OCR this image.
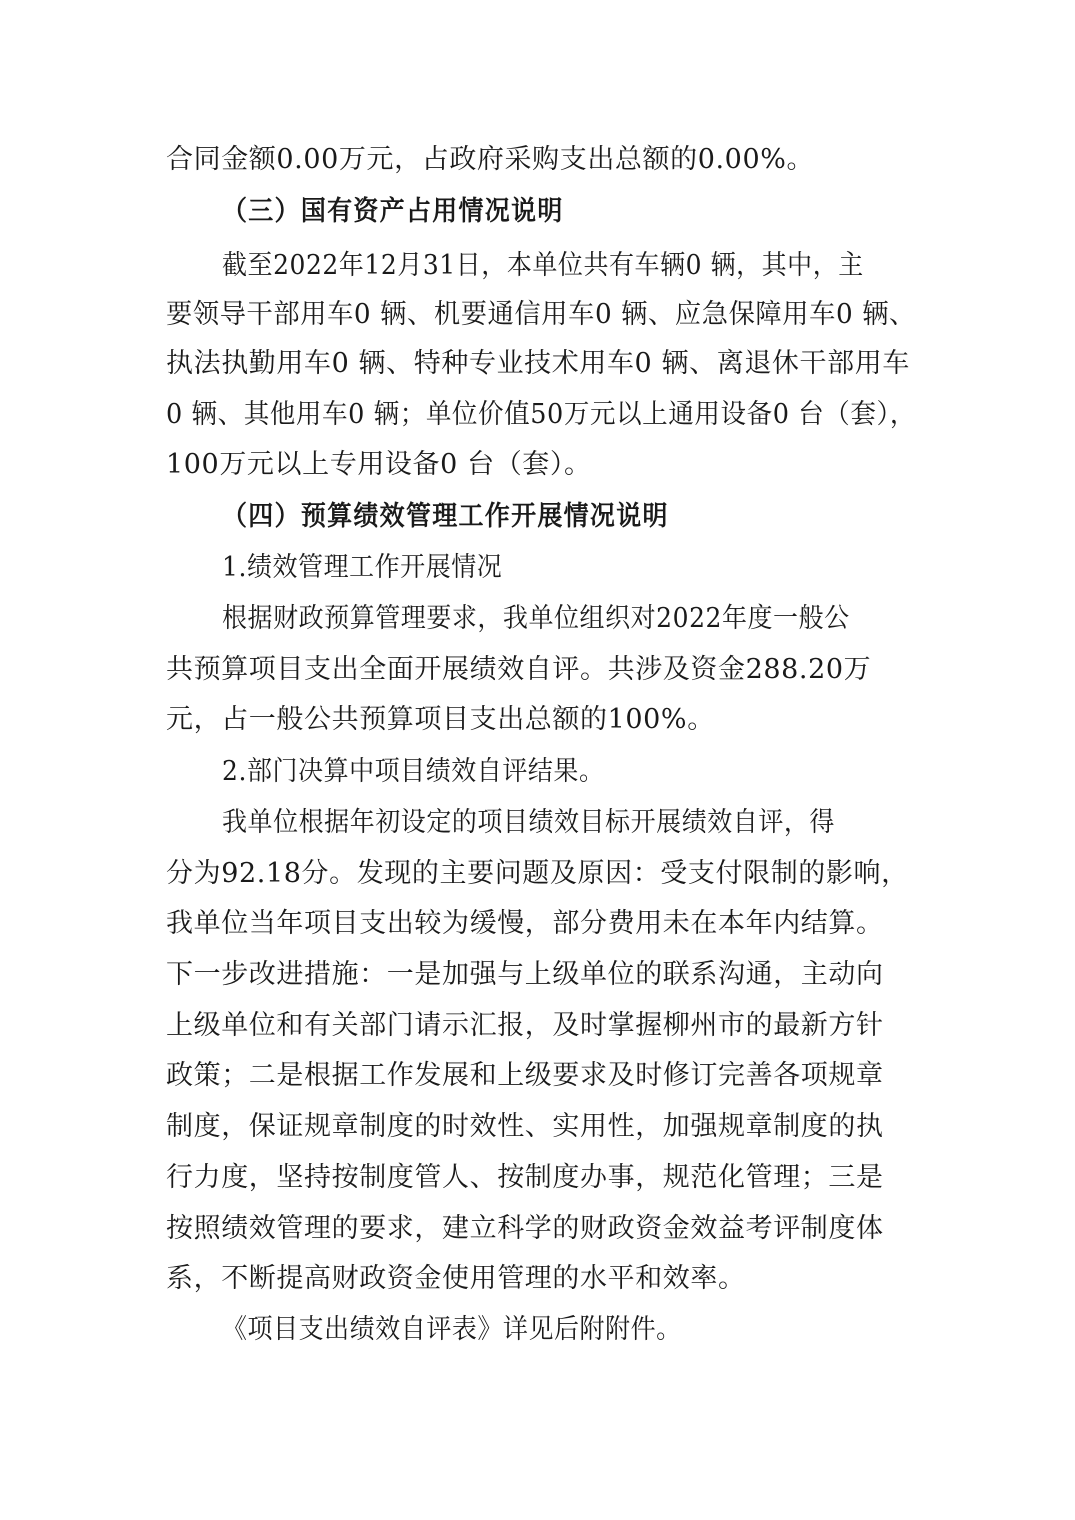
合同金额0.00万元，占政府采购支出总额的0.00%。
（三）国有资产占用情况说明
截至2022年12月31日，本单位共有车辆0 辆，其中，主
要领导干部用车0 辆、机要通信用车0 辆、应急保障用车0 辆、
执法执勤用车0 辆、特种专业技术用车0 辆、离退休干部用车
0 辆、其他用车0 辆；单位价值50万元以上通用设备0 台（套），
100万元以上专用设备0 台（套）。
（四）预算绩效管理工作开展情况说明
1.绩效管理工作开展情况
根据财政预算管理要求，我单位组织对2022年度一般公
共预算项目支出全面开展绩效自评。共涉及资金288.20万
元，占一般公共预算项目支出总额的100%。
2.部门决算中项目绩效自评结果。
我单位根据年初设定的项目绩效目标开展绩效自评，得
分为92.18分。发现的主要问题及原因：受支付限制的影响，
我单位当年项目支出较为缓慢，部分费用未在本年内结算。
下一步改进措施：一是加强与上级单位的联系沟通，主动向
上级单位和有关部门请示汇报，及时掌握柳州市的最新方针
政策；二是根据工作发展和上级要求及时修订完善各项规章
制度，保证规章制度的时效性、实用性，加强规章制度的执
行力度，坚持按制度管人、按制度办事，规范化管理；三是
按照绩效管理的要求，建立科学的财政资金效益考评制度体
系，不断提高财政资金使用管理的水平和效率。
《项目支出绩效自评表》详见后附附件。
